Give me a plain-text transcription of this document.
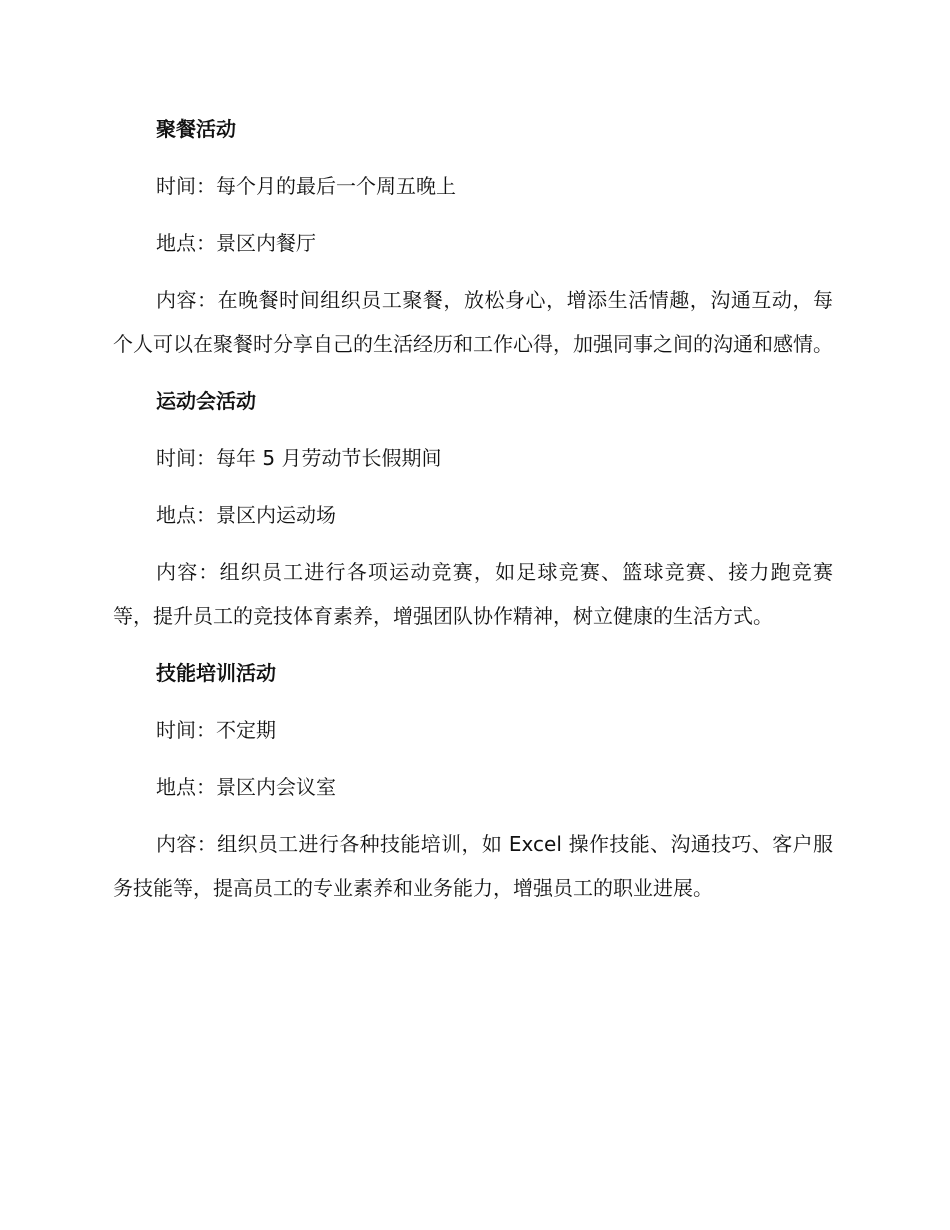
聚餐活动

时间：每个月的最后一个周五晚上

地点：景区内餐厅

内容：在晚餐时间组织员工聚餐，放松身心，增添生活情趣，沟通互动，每个人可以在聚餐时分享自己的生活经历和工作心得，加强同事之间的沟通和感情。

运动会活动

时间：每年 5 月劳动节长假期间

地点：景区内运动场

内容：组织员工进行各项运动竞赛，如足球竞赛、篮球竞赛、接力跑竞赛等，提升员工的竞技体育素养，增强团队协作精神，树立健康的生活方式。

技能培训活动

时间：不定期

地点：景区内会议室

内容：组织员工进行各种技能培训，如 Excel 操作技能、沟通技巧、客户服务技能等，提高员工的专业素养和业务能力，增强员工的职业进展。
